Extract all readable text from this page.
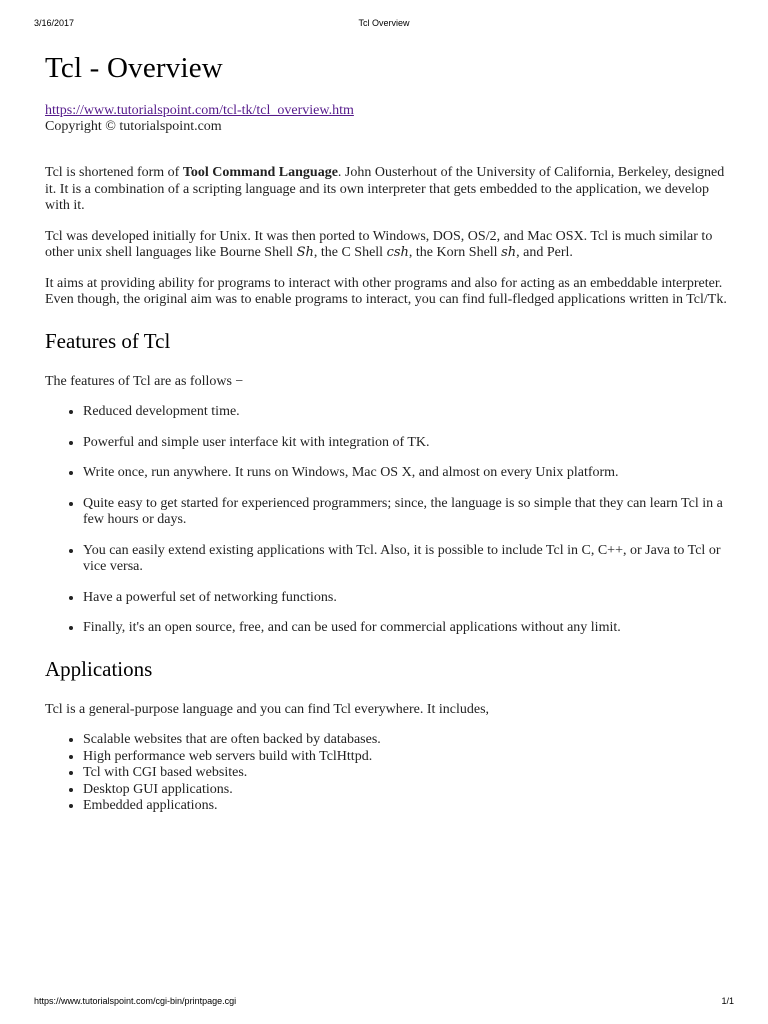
Tcl Overview
3/16/2017
Tcl - Overview
https://www.tutorialspoint.com/tcl-tk/tcl_overview.htm
Copyright © tutorialspoint.com

Tcl is shortened form of Tool Command Language. John Ousterhout of the University of California, Berkeley, designed it. It is a combination of a scripting language and its own interpreter that gets embedded to the application, we develop with it.

Tcl was developed initially for Unix. It was then ported to Windows, DOS, OS/2, and Mac OSX. Tcl is much similar to other unix shell languages like Bourne Shell Sh, the C Shell csh, the Korn Shell sh, and Perl.

It aims at providing ability for programs to interact with other programs and also for acting as an embeddable interpreter. Even though, the original aim was to enable programs to interact, you can find full-fledged applications written in Tcl/Tk.

Features of Tcl

The features of Tcl are as follows −

• Reduced development time.
• Powerful and simple user interface kit with integration of TK.
• Write once, run anywhere. It runs on Windows, Mac OS X, and almost on every Unix platform.
• Quite easy to get started for experienced programmers; since, the language is so simple that they can learn Tcl in a few hours or days.
• You can easily extend existing applications with Tcl. Also, it is possible to include Tcl in C, C++, or Java to Tcl or vice versa.
• Have a powerful set of networking functions.
• Finally, it's an open source, free, and can be used for commercial applications without any limit.
Applications

Tcl is a general-purpose language and you can find Tcl everywhere. It includes,

• Scalable websites that are often backed by databases.
• High performance web servers build with TclHttpd.
• Tcl with CGI based websites.
• Desktop GUI applications.
• Embedded applications.
https://www.tutorialspoint.com/cgi-bin/printpage.cgi	1/1
